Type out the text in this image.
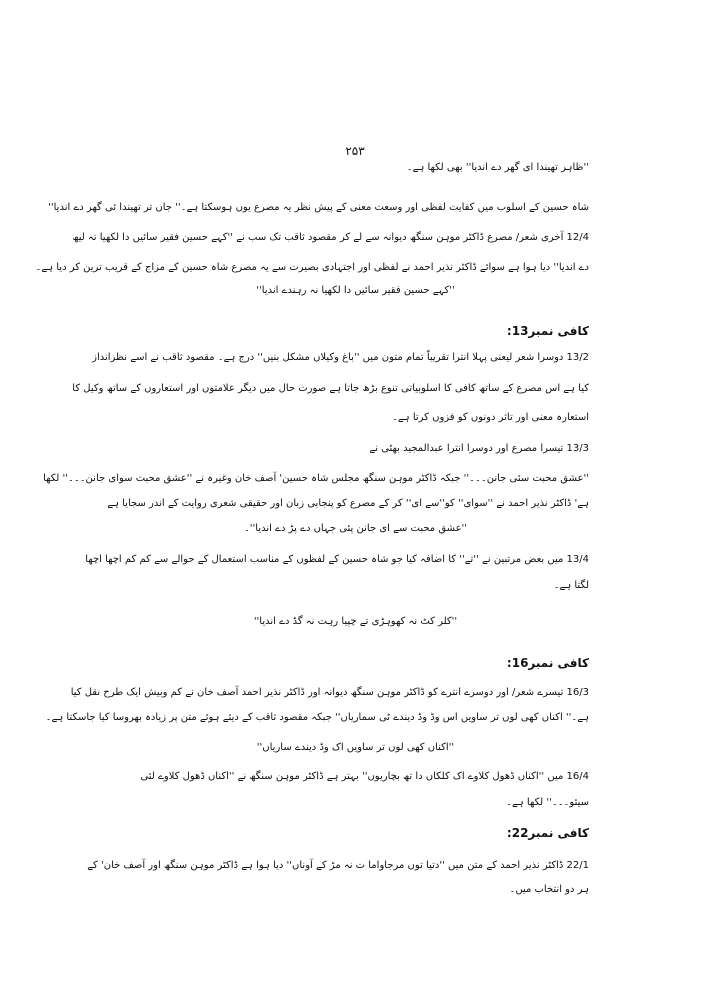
۲۵۳
''ظاہر تھیندا ای گھر دے اندیا'' بھی لکھا ہے۔
شاہ حسین کے اسلوب میں کفایت لفظی اور وسعت معنی کے پیش نظر یہ مصرع یوں ہوسکتا ہے۔'' جاں تر تھیندا ئی گھر دے اندیا''
12/4 آخری شعر/ مصرع ڈاکٹر موہن سنگھ دیوانہ سے لے کر مقصود ثاقب تک سب نے ''کہے حسین فقیر سائیں دا لکھیا نہ لیھ
دے اندیا'' دیا ہوا ہے سوائے ڈاکٹر نذیر احمد نے لفظی اور اجتہادی بصیرت سے یہ مصرع شاہ حسین کے مزاج کے قریب ترین کر دیا ہے۔
''کہے حسین فقیر سائیں دا لکھیا نہ رہندے اندیا''
کافی نمبر13:
13/2 دوسرا شعر لیعنی پہلا انترا تقریباً تمام متون میں ''باغ وکیلاں مشکل بنیں'' درج ہے۔ مقصود ثاقب نے اسے نظرانداز
کیا ہے اس مصرع کے ساتھ کافی کا اسلوبیاتی تنوع بڑھ جاتا ہے صورت حال میں دیگر علامتوں اور استعاروں کے ساتھ وکیل کا
استعارہ معنی اور تاثر دونوں کو فزوں کرتا ہے۔
13/3 تیسرا مصرع اور دوسرا انترا عبدالمجید بھٹی نے
''عشق محبت سئی جانن۔۔۔'' جبکہ ڈاکٹر موہن سنگھ مجلس شاہ حسین' آصف خان وغیرہ نے ''عشق محبت سوای جانن۔۔۔'' لکھا
ہے' ڈاکٹر نذیر احمد نے ''سوای'' کو''سے ای'' کر کے مصرع کو پنجابی زبان اور حقیقی شعری روایت کے اندر سجایا ہے
''عشق محبت سے ای جانن پئی جہاں دے پڑ دے اندیا''۔
13/4 میں بعض مرتبین نے ''تے'' کا اضافہ کیا جو شاہ حسین کے لفظوں کے مناسب استعمال کے حوالے سے کم کم اچھا اچھا
لگتا ہے۔
''کلر کٹ نہ کھوہڑی تے چپیا رہت نہ گڈ دے اندیا''
کافی نمبر16:
16/3 تیسرے شعر/ اور دوسرے انترے کو ڈاکٹر موہن سنگھ دیوانہ اور ڈاکٹر نذیر احمد آصف خان نے کم وبیش ایک طرح نقل کیا
ہے۔'' اکناں کھی لوں تر ساویں اس وڈ وڈ دیندے ٹی سماریاں'' جبکہ مقصود ثاقب کے دیئے ہوئے متن پر زیادہ بھروسا کیا جاسکتا ہے۔
''اکناں کھی لوں تر ساویں اک وڈ دیندے ساریاں''
16/4 میں ''اکناں ڈھول کلاوے اک کلکاں دا تھ بچاریوں'' بہتر ہے ڈاکٹر موہن سنگھ نے ''اکناں ڈھول کلاوے لئی
سیئو۔۔۔'' لکھا ہے۔
کافی نمبر22:
22/1 ڈاکٹر نذیر احمد کے متن میں ''دتیا توں مرجاواما ت نہ مڑ کے آوناں'' دیا ہوا ہے ڈاکٹر موہن سنگھ اور آصف خان' کے
ہر دو انتخاب میں۔
